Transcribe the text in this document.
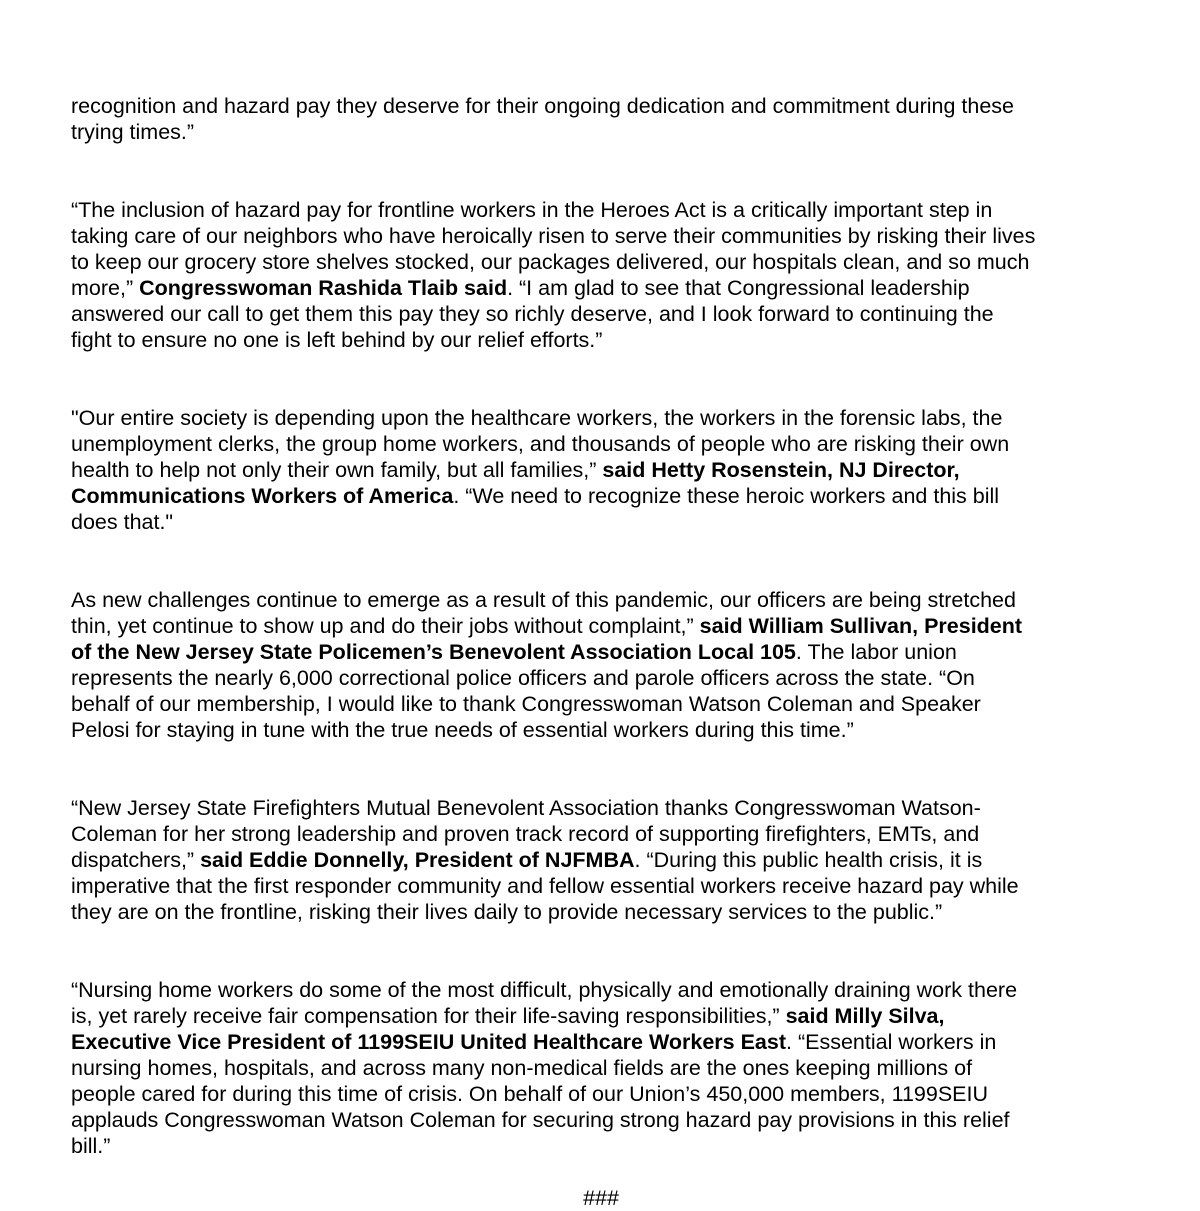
recognition and hazard pay they deserve for their ongoing dedication and commitment during these
trying times.”

“The inclusion of hazard pay for frontline workers in the Heroes Act is a critically important step in
taking care of our neighbors who have heroically risen to serve their communities by risking their lives
to keep our grocery store shelves stocked, our packages delivered, our hospitals clean, and so much
more,” Congresswoman Rashida Tlaib said. “I am glad to see that Congressional leadership
answered our call to get them this pay they so richly deserve, and I look forward to continuing the
fight to ensure no one is left behind by our relief efforts.”

"Our entire society is depending upon the healthcare workers, the workers in the forensic labs, the
unemployment clerks, the group home workers, and thousands of people who are risking their own
health to help not only their own family, but all families,” said Hetty Rosenstein, NJ Director,
Communications Workers of America. “We need to recognize these heroic workers and this bill
does that."

As new challenges continue to emerge as a result of this pandemic, our officers are being stretched
thin, yet continue to show up and do their jobs without complaint,” said William Sullivan, President
of the New Jersey State Policemen’s Benevolent Association Local 105. The labor union
represents the nearly 6,000 correctional police officers and parole officers across the state. “On
behalf of our membership, I would like to thank Congresswoman Watson Coleman and Speaker
Pelosi for staying in tune with the true needs of essential workers during this time.”

“New Jersey State Firefighters Mutual Benevolent Association thanks Congresswoman Watson-
Coleman for her strong leadership and proven track record of supporting firefighters, EMTs, and
dispatchers,” said Eddie Donnelly, President of NJFMBA. “During this public health crisis, it is
imperative that the first responder community and fellow essential workers receive hazard pay while
they are on the frontline, risking their lives daily to provide necessary services to the public.”

“Nursing home workers do some of the most difficult, physically and emotionally draining work there
is, yet rarely receive fair compensation for their life-saving responsibilities,” said Milly Silva,
Executive Vice President of 1199SEIU United Healthcare Workers East. “Essential workers in
nursing homes, hospitals, and across many non-medical fields are the ones keeping millions of
people cared for during this time of crisis. On behalf of our Union’s 450,000 members, 1199SEIU
applauds Congresswoman Watson Coleman for securing strong hazard pay provisions in this relief
bill.”

###
